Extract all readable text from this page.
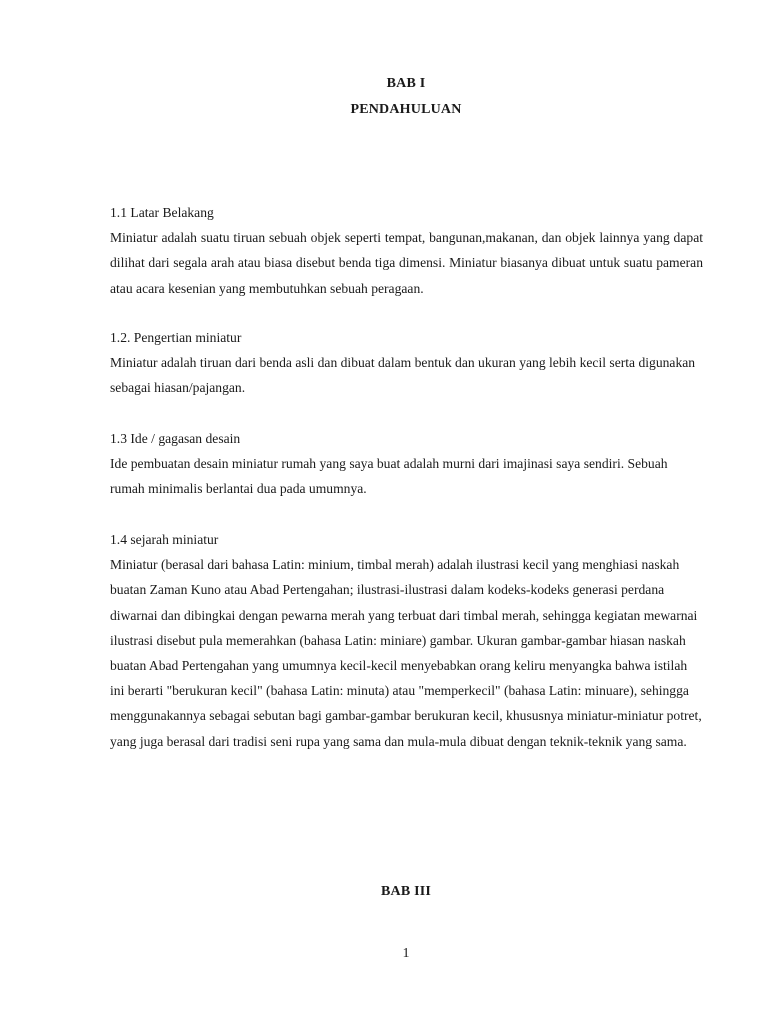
BAB I
PENDAHULUAN
1.1 Latar Belakang

Miniatur adalah suatu tiruan sebuah objek seperti tempat, bangunan,makanan, dan objek lainnya yang dapat dilihat dari segala arah atau biasa disebut benda tiga dimensi. Miniatur biasanya dibuat untuk suatu pameran atau acara kesenian yang membutuhkan sebuah peragaan.

1.2. Pengertian miniatur

Miniatur adalah tiruan dari benda asli dan dibuat dalam bentuk dan ukuran yang lebih kecil serta digunakan sebagai hiasan/pajangan.

1.3 Ide / gagasan desain

Ide pembuatan desain miniatur rumah yang saya buat adalah murni dari imajinasi saya sendiri. Sebuah rumah minimalis berlantai dua pada umumnya.

1.4 sejarah miniatur

Miniatur (berasal dari bahasa Latin: minium, timbal merah) adalah ilustrasi kecil yang menghiasi naskah buatan Zaman Kuno atau Abad Pertengahan; ilustrasi-ilustrasi dalam kodeks-kodeks generasi perdana diwarnai dan dibingkai dengan pewarna merah yang terbuat dari timbal merah, sehingga kegiatan mewarnai ilustrasi disebut pula memerahkan (bahasa Latin: miniare) gambar. Ukuran gambar-gambar hiasan naskah buatan Abad Pertengahan yang umumnya kecil-kecil menyebabkan orang keliru menyangka bahwa istilah ini berarti "berukuran kecil" (bahasa Latin: minuta) atau "memperkecil" (bahasa Latin: minuare), sehingga menggunakannya sebagai sebutan bagi gambar-gambar berukuran kecil, khususnya miniatur-miniatur potret, yang juga berasal dari tradisi seni rupa yang sama dan mula-mula dibuat dengan teknik-teknik yang sama.

BAB III
1
